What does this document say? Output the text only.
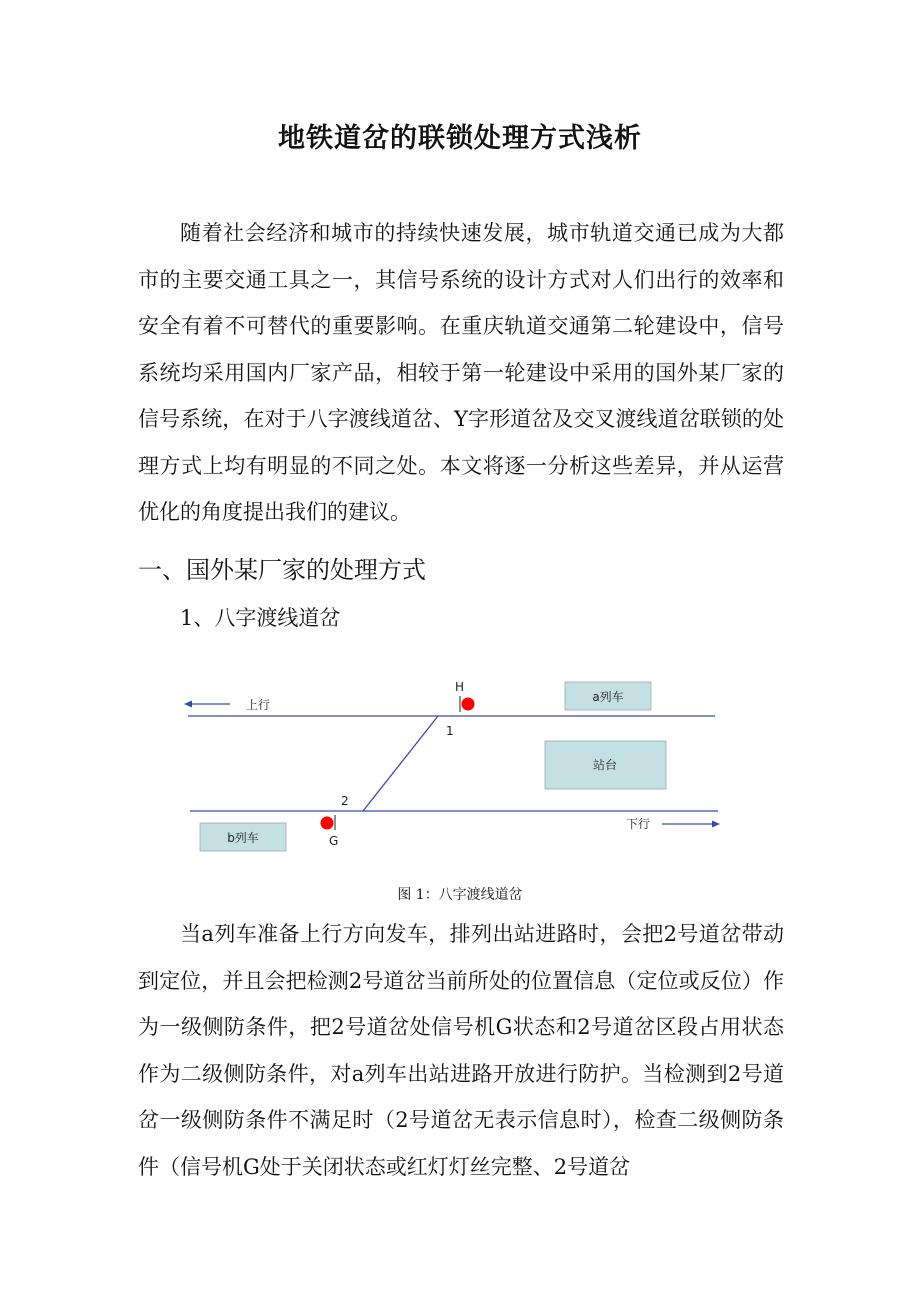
地铁道岔的联锁处理方式浅析

随着社会经济和城市的持续快速发展，城市轨道交通已成为大都市的主要交通工具之一，其信号系统的设计方式对人们出行的效率和安全有着不可替代的重要影响。在重庆轨道交通第二轮建设中，信号系统均采用国内厂家产品，相较于第一轮建设中采用的国外某厂家的信号系统，在对于八字渡线道岔、Y字形道岔及交叉渡线道岔联锁的处理方式上均有明显的不同之处。本文将逐一分析这些差异，并从运营优化的角度提出我们的建议。

一、国外某厂家的处理方式
1、八字渡线道岔
上行
下行
H
1
2
G
a列车
站台
b列车
图 1：八字渡线道岔

当a列车准备上行方向发车，排列出站进路时，会把2号道岔带动到定位，并且会把检测2号道岔当前所处的位置信息（定位或反位）作为一级侧防条件，把2号道岔处信号机G状态和2号道岔区段占用状态作为二级侧防条件，对a列车出站进路开放进行防护。当检测到2号道岔一级侧防条件不满足时（2号道岔无表示信息时），检查二级侧防条件（信号机G处于关闭状态或红灯灯丝完整、2号道岔
